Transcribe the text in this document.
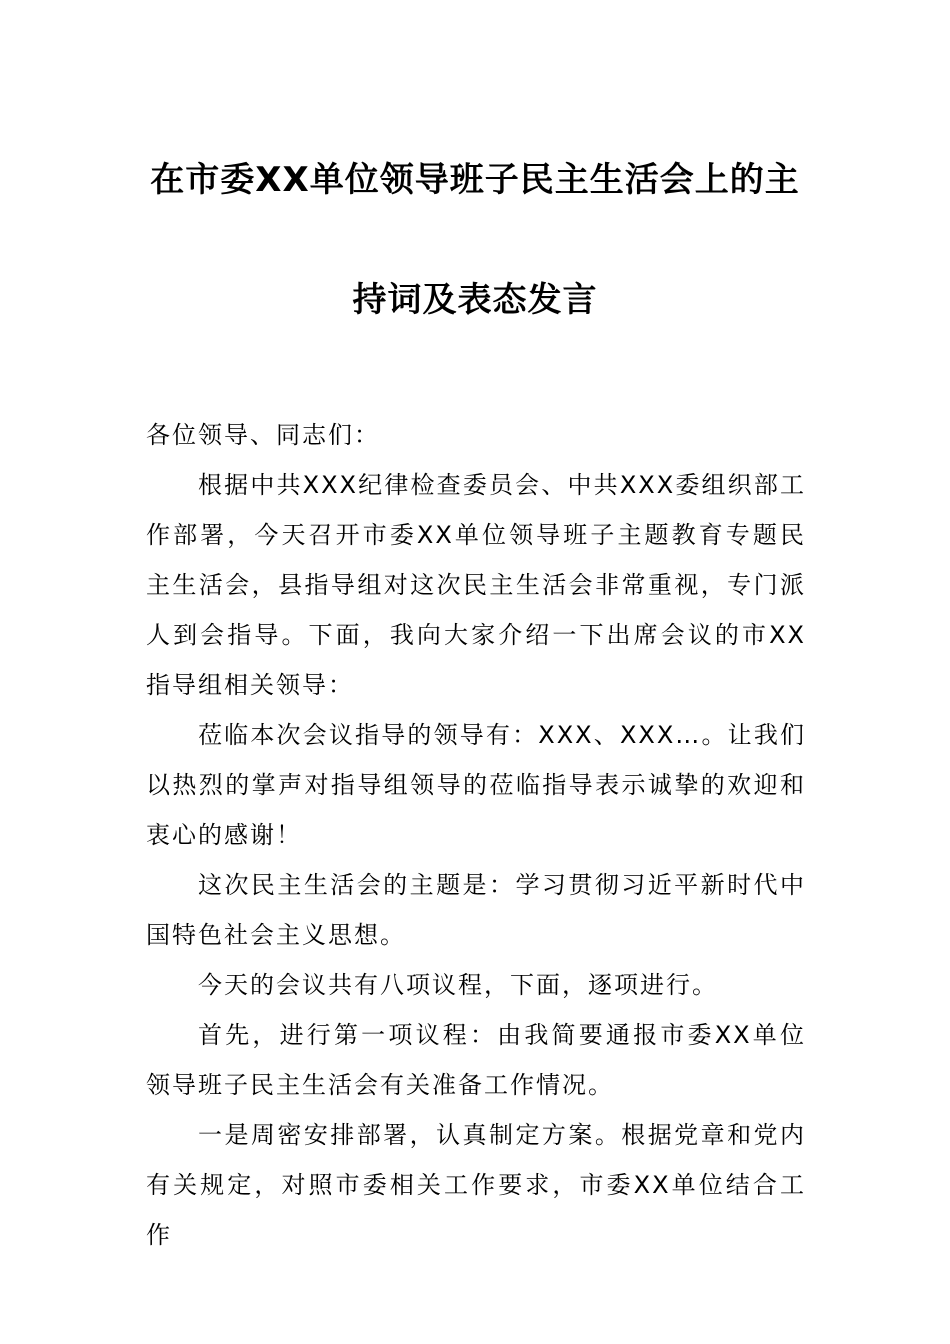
在市委XX单位领导班子民主生活会上的主
持词及表态发言

各位领导、同志们：

根据中共XXX纪律检查委员会、中共XXX委组织部工作部署，今天召开市委XX单位领导班子主题教育专题民主生活会，县指导组对这次民主生活会非常重视，专门派人到会指导。下面，我向大家介绍一下出席会议的市XX指导组相关领导：

莅临本次会议指导的领导有：XXX、XXX…。让我们以热烈的掌声对指导组领导的莅临指导表示诚挚的欢迎和衷心的感谢！

这次民主生活会的主题是：学习贯彻习近平新时代中国特色社会主义思想。

今天的会议共有八项议程，下面，逐项进行。

首先，进行第一项议程：由我简要通报市委XX单位领导班子民主生活会有关准备工作情况。

一是周密安排部署，认真制定方案。根据党章和党内有关规定，对照市委相关工作要求，市委XX单位结合工作
